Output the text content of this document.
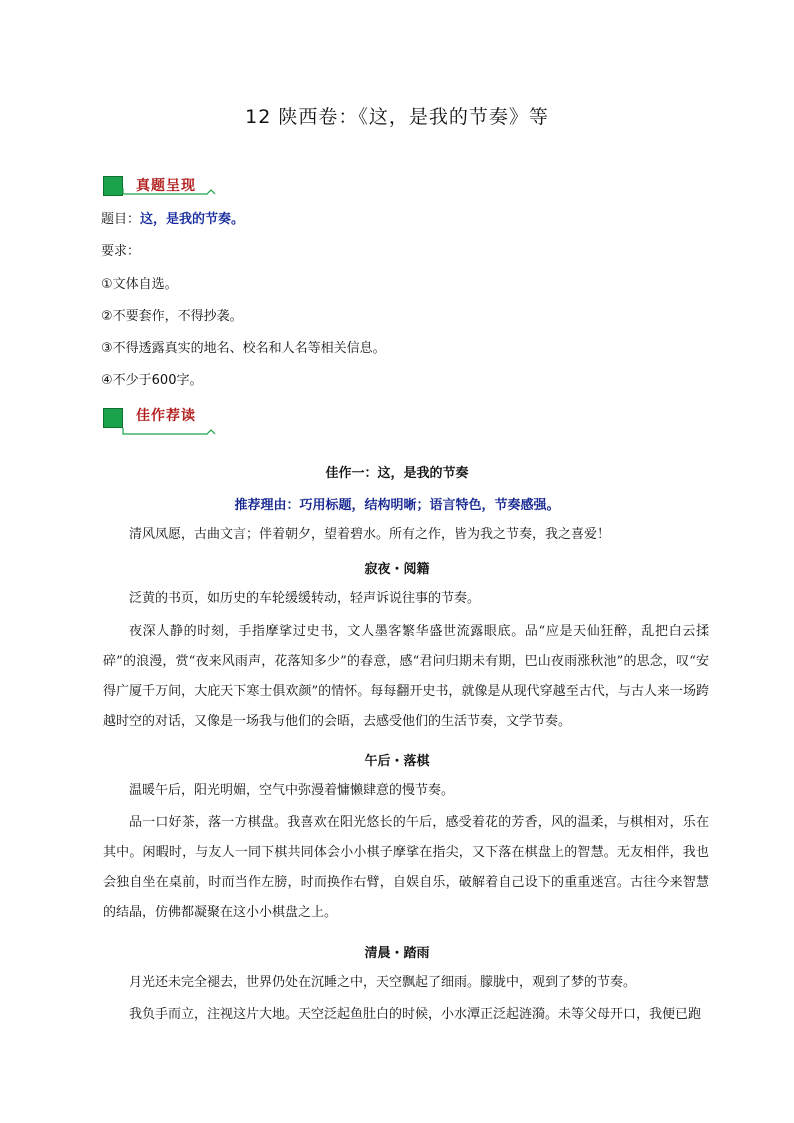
12 陕西卷：《这，是我的节奏》等
真题呈现
题目：这，是我的节奏。
要求：
①文体自选。
②不要套作，不得抄袭。
③不得透露真实的地名、校名和人名等相关信息。
④不少于600字。
佳作荐读
佳作一：这，是我的节奏
推荐理由：巧用标题，结构明晰；语言特色，节奏感强。
清风凤愿，古曲文言；伴着朝夕，望着碧水。所有之作，皆为我之节奏，我之喜爱！
寂夜・阅籍
泛黄的书页，如历史的车轮缓缓转动，轻声诉说往事的节奏。
夜深人静的时刻，手指摩挲过史书，文人墨客繁华盛世流露眼底。品“应是天仙狂醉，乱把白云揉碎”的浪漫，赏“夜来风雨声，花落知多少”的春意，感“君问归期未有期，巴山夜雨涨秋池”的思念，叹“安得广厦千万间，大庇天下寒士俱欢颜”的情怀。每每翻开史书，就像是从现代穿越至古代，与古人来一场跨越时空的对话，又像是一场我与他们的会晤，去感受他们的生活节奏，文学节奏。
午后・落棋
温暖午后，阳光明媚，空气中弥漫着慵懒肆意的慢节奏。
品一口好茶，落一方棋盘。我喜欢在阳光悠长的午后，感受着花的芳香，风的温柔，与棋相对，乐在其中。闲暇时，与友人一同下棋共同体会小小棋子摩挲在指尖，又下落在棋盘上的智慧。无友相伴，我也会独自坐在桌前，时而当作左膀，时而换作右臂，自娱自乐，破解着自己设下的重重迷宫。古往今来智慧的结晶，仿佛都凝聚在这小小棋盘之上。
清晨・踏雨
月光还未完全褪去，世界仍处在沉睡之中，天空飘起了细雨。朦胧中，观到了梦的节奏。
我负手而立，注视这片大地。天空泛起鱼肚白的时候，小水潭正泛起涟漪。未等父母开口，我便已跑
